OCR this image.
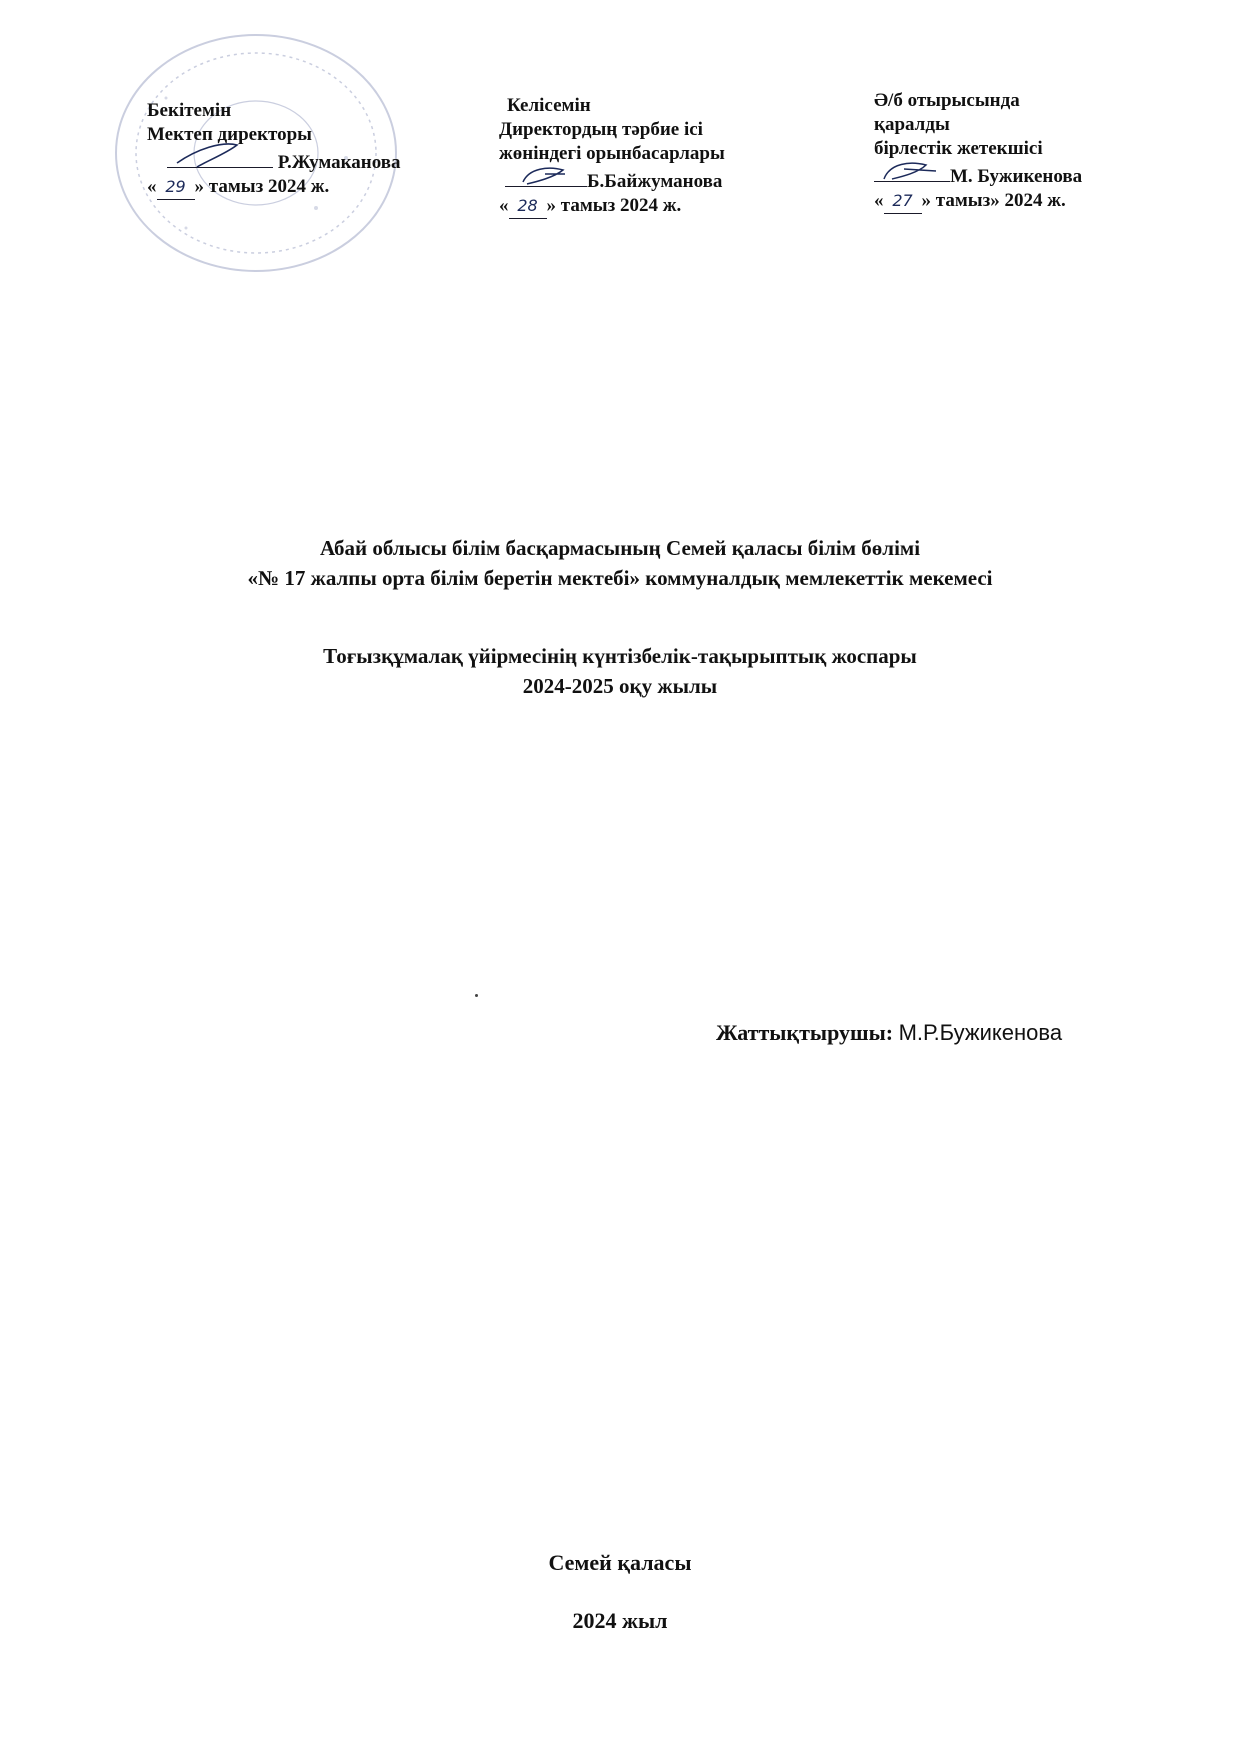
Бекітемін
Мектеп директоры
Р.Жумаканова
« 29 » тамыз 2024 ж.
Келісемін
Директордың тәрбие ісі
жөніндегі орынбасарлары
Б.Байжуманова
« 28 » тамыз 2024 ж.
Ә/б отырысында
қаралды
бірлестік жетекшісі
М. Бужикенова
« 27 » тамыз» 2024 ж.
Абай облысы білім басқармасының Семей қаласы білім бөлімі
«№ 17 жалпы орта білім беретін мектебі» коммуналдық мемлекеттік мекемесі
Тоғызқұмалақ үйірмесінің күнтізбелік-тақырыптық жоспары
2024-2025 оқу жылы
Жаттықтырушы: М.Р.Бужикенова
Семей қаласы
2024 жыл
